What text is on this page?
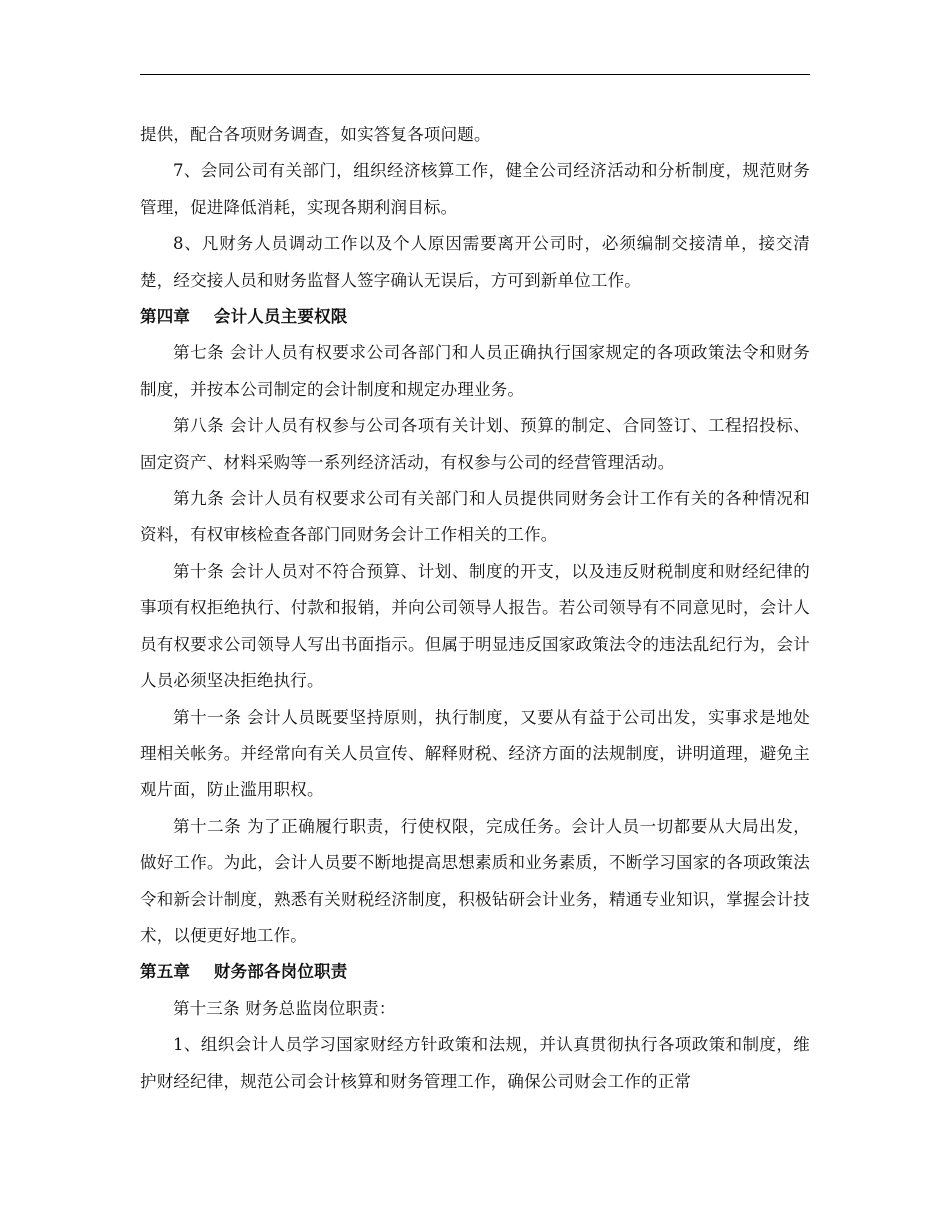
提供，配合各项财务调查，如实答复各项问题。

7、会同公司有关部门，组织经济核算工作，健全公司经济活动和分析制度，规范财务管理，促进降低消耗，实现各期利润目标。

8、凡财务人员调动工作以及个人原因需要离开公司时，必须编制交接清单，接交清楚，经交接人员和财务监督人签字确认无误后，方可到新单位工作。

第四章    会计人员主要权限

第七条 会计人员有权要求公司各部门和人员正确执行国家规定的各项政策法令和财务制度，并按本公司制定的会计制度和规定办理业务。

第八条 会计人员有权参与公司各项有关计划、预算的制定、合同签订、工程招投标、固定资产、材料采购等一系列经济活动，有权参与公司的经营管理活动。

第九条 会计人员有权要求公司有关部门和人员提供同财务会计工作有关的各种情况和资料，有权审核检查各部门同财务会计工作相关的工作。

第十条 会计人员对不符合预算、计划、制度的开支，以及违反财税制度和财经纪律的事项有权拒绝执行、付款和报销，并向公司领导人报告。若公司领导有不同意见时，会计人员有权要求公司领导人写出书面指示。但属于明显违反国家政策法令的违法乱纪行为，会计人员必须坚决拒绝执行。

第十一条 会计人员既要坚持原则，执行制度，又要从有益于公司出发，实事求是地处理相关帐务。并经常向有关人员宣传、解释财税、经济方面的法规制度，讲明道理，避免主观片面，防止滥用职权。

第十二条 为了正确履行职责，行使权限，完成任务。会计人员一切都要从大局出发，做好工作。为此，会计人员要不断地提高思想素质和业务素质，不断学习国家的各项政策法令和新会计制度，熟悉有关财税经济制度，积极钻研会计业务，精通专业知识，掌握会计技术，以便更好地工作。

第五章    财务部各岗位职责

第十三条 财务总监岗位职责：

1、组织会计人员学习国家财经方针政策和法规，并认真贯彻执行各项政策和制度，维护财经纪律，规范公司会计核算和财务管理工作，确保公司财会工作的正常
